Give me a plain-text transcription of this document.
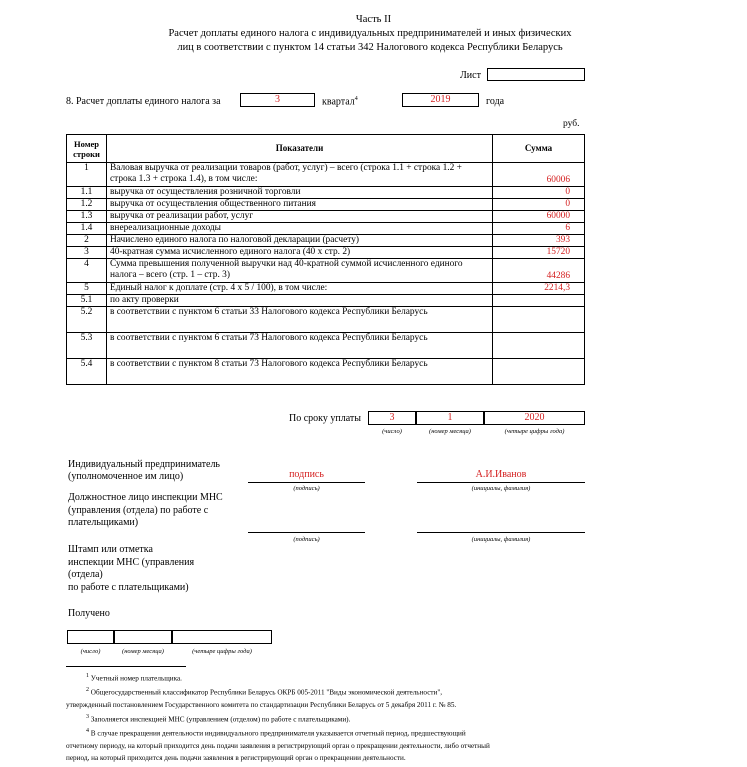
Часть II
Расчет доплаты единого налога с индивидуальных предпринимателей и иных физических
лиц в соответствии с пунктом 14 статьи 342 Налогового кодекса Республики Беларусь
Лист
8. Расчет доплаты единого налога за	3	квартал$^4$	2019	года
руб.
Номер строки	Показатели	Сумма
1	Валовая выручка от реализации товаров (работ, услуг) – всего (строка 1.1 + строка 1.2 + строка 1.3 + строка 1.4), в том числе:	60006
1.1	выручка от осуществления розничной торговли	0
1.2	выручка от осуществления общественного питания	0
1.3	выручка от реализации работ, услуг	60000
1.4	внереализационные доходы	6
2	Начислено единого налога по налоговой декларации (расчету)	393
3	40-кратная сумма исчисленного единого налога (40 х стр. 2)	15720
4	Сумма превышения полученной выручки над 40-кратной суммой исчисленного единого налога – всего (стр. 1 – стр. 3)	44286
5	Единый налог к доплате (стр. 4 х 5 / 100), в том числе:	2214,3
5.1	по акту проверки	
5.2	в соответствии с пунктом 6 статьи 33 Налогового кодекса Республики Беларусь	
5.3	в соответствии с пунктом 6 статьи 73 Налогового кодекса Республики Беларусь	
5.4	в соответствии с пунктом 8 статьи 73 Налогового кодекса Республики Беларусь	
По сроку уплаты	3	1	2020
(число)	(номер месяца)	(четыре цифры года)
Индивидуальный предприниматель
(уполномоченное им лицо)	подпись	А.И.Иванов
(подпись)	(инициалы, фамилия)
Должностное лицо инспекции МНС
(управления (отдела) по работе с
плательщиками)
(подпись)	(инициалы, фамилия)
Штамп или отметка
инспекции МНС (управления
(отдела)
по работе с плательщиками)
Получено
(число)	(номер месяца)	(четыре цифры года)
$^1$ Учетный номер плательщика.
$^2$ Общегосударственный классификатор Республики Беларусь ОКРБ 005-2011 "Виды экономической деятельности",
утвержденный постановлением Государственного комитета по стандартизации Республики Беларусь от 5 декабря 2011 г. № 85.
$^3$ Заполняется инспекцией МНС (управлением (отделом) по работе с плательщиками).
$^4$ В случае прекращения деятельности индивидуального предпринимателя указывается отчетный период, предшествующий
отчетному периоду, на который приходится день подачи заявления в регистрирующий орган о прекращении деятельности, либо отчетный
период, на который приходится день подачи заявления в регистрирующий орган о прекращении деятельности.
